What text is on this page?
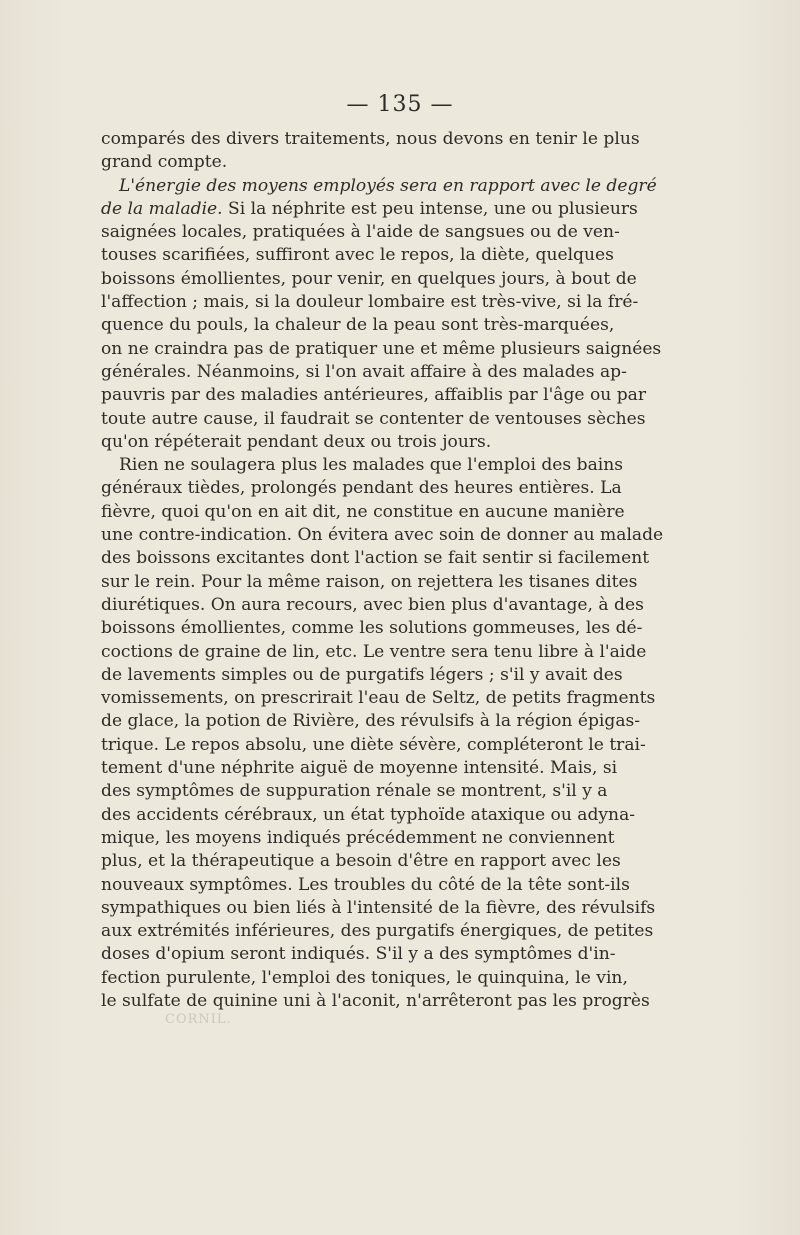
— 135 —
comparés des divers traitements, nous devons en tenir le plus
grand compte.
L'énergie des moyens employés sera en rapport avec le degré
de la maladie. Si la néphrite est peu intense, une ou plusieurs
saignées locales, pratiquées à l'aide de sangsues ou de ven-
touses scarifiées, suffiront avec le repos, la diète, quelques
boissons émollientes, pour venir, en quelques jours, à bout de
l'affection ; mais, si la douleur lombaire est très-vive, si la fré-
quence du pouls, la chaleur de la peau sont très-marquées,
on ne craindra pas de pratiquer une et même plusieurs saignées
générales. Néanmoins, si l'on avait affaire à des malades ap-
pauvris par des maladies antérieures, affaiblis par l'âge ou par
toute autre cause, il faudrait se contenter de ventouses sèches
qu'on répéterait pendant deux ou trois jours.
Rien ne soulagera plus les malades que l'emploi des bains
généraux tièdes, prolongés pendant des heures entières. La
fièvre, quoi qu'on en ait dit, ne constitue en aucune manière
une contre-indication. On évitera avec soin de donner au malade
des boissons excitantes dont l'action se fait sentir si facilement
sur le rein. Pour la même raison, on rejettera les tisanes dites
diurétiques. On aura recours, avec bien plus d'avantage, à des
boissons émollientes, comme les solutions gommeuses, les dé-
coctions de graine de lin, etc. Le ventre sera tenu libre à l'aide
de lavements simples ou de purgatifs légers ; s'il y avait des
vomissements, on prescrirait l'eau de Seltz, de petits fragments
de glace, la potion de Rivière, des révulsifs à la région épigas-
trique. Le repos absolu, une diète sévère, compléteront le trai-
tement d'une néphrite aiguë de moyenne intensité. Mais, si
des symptômes de suppuration rénale se montrent, s'il y a
des accidents cérébraux, un état typhoïde ataxique ou adyna-
mique, les moyens indiqués précédemment ne conviennent
plus, et la thérapeutique a besoin d'être en rapport avec les
nouveaux symptômes. Les troubles du côté de la tête sont-ils
sympathiques ou bien liés à l'intensité de la fièvre, des révulsifs
aux extrémités inférieures, des purgatifs énergiques, de petites
doses d'opium seront indiqués. S'il y a des symptômes d'in-
fection purulente, l'emploi des toniques, le quinquina, le vin,
le sulfate de quinine uni à l'aconit, n'arrêteront pas les progrès
CORNIL.
